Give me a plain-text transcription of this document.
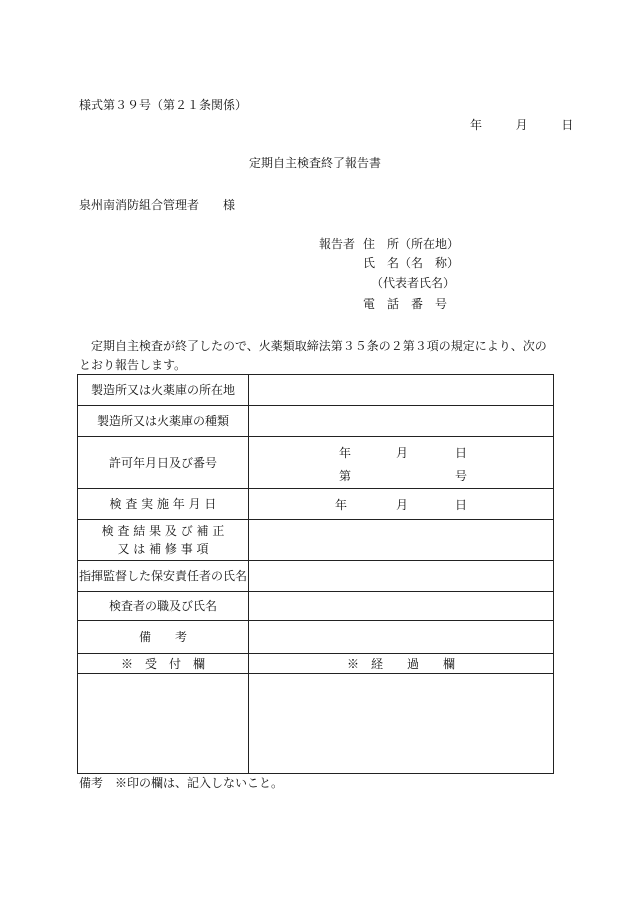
様式第３９号（第２１条関係）
年	月	日
定期自主検査終了報告書
泉州南消防組合管理者　　様
報告者 住　所（所在地）
氏　名（名　称）
（代表者氏名）
電　話　番　号
定期自主検査が終了したので、火薬類取締法第３５条の２第３項の規定により、次のとおり報告します。
製造所又は火薬庫の所在地	
製造所又は火薬庫の種類	
許可年月日及び番号	年 月 日
第 号

検 査 実 施 年 月 日	年 月 日

検 査 結 果 及 び 補 正
又 は 補 修 事 項	

指揮監督した保安責任者の氏名	
検査者の職及び氏名	
備　　考	
※　受　付　欄	※　経　　過　　欄

備考　※印の欄は、記入しないこと。
